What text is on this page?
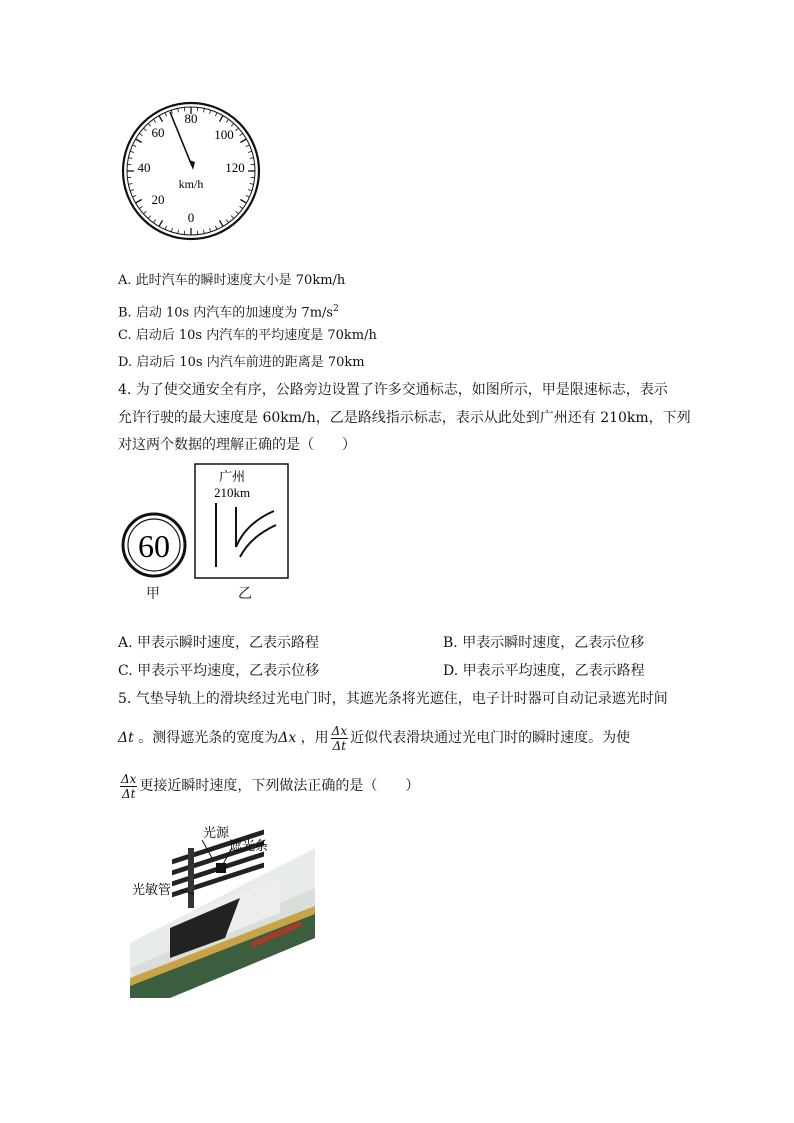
0
20
40
60
80
100
120
km/h
A. 此时汽车的瞬时速度大小是 70km/h
B. 启动 10s 内汽车的加速度为 $7m/s^2$
C. 启动后 10s 内汽车的平均速度是 70km/h
D. 启动后 10s 内汽车前进的距离是 70km
4. 为了使交通安全有序，公路旁边设置了许多交通标志，如图所示，甲是限速标志，表示
允许行驶的最大速度是 60km/h，乙是路线指示标志，表示从此处到广州还有 210km，下列
对这两个数据的理解正确的是（　　）
60
甲
广州
210km
乙
A. 甲表示瞬时速度，乙表示路程	B. 甲表示瞬时速度，乙表示位移
C. 甲表示平均速度，乙表示位移	D. 甲表示平均速度，乙表示路程
5. 气垫导轨上的滑块经过光电门时，其遮光条将光遮住，电子计时器可自动记录遮光时间
Δt 。测得遮光条的宽度为Δx ，用 $\frac{\Delta x}{\Delta t}$ 近似代表滑块通过光电门时的瞬时速度。为使
$\frac{\Delta x}{\Delta t}$ 更接近瞬时速度，下列做法正确的是（　　）
光源
遮光条
光敏管
